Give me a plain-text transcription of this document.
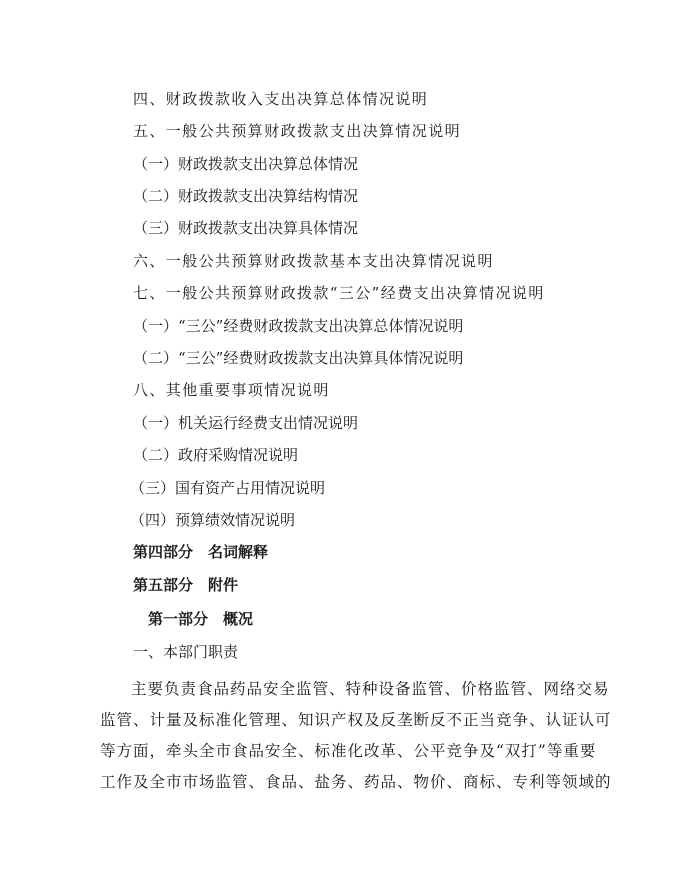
四、财政拨款收入支出决算总体情况说明
五、一般公共预算财政拨款支出决算情况说明
（一）财政拨款支出决算总体情况
（二）财政拨款支出决算结构情况
（三）财政拨款支出决算具体情况
六、一般公共预算财政拨款基本支出决算情况说明
七、一般公共预算财政拨款“三公”经费支出决算情况说明
（一）“三公”经费财政拨款支出决算总体情况说明
（二）“三公”经费财政拨款支出决算具体情况说明
八、其他重要事项情况说明
（一）机关运行经费支出情况说明
（二）政府采购情况说明
（三）国有资产占用情况说明
（四）预算绩效情况说明
第四部分　名词解释
第五部分　附件
第一部分　概况
一、本部门职责
主要负责食品药品安全监管、特种设备监管、价格监管、网络交易
监管、计量及标准化管理、知识产权及反垄断反不正当竞争、认证认可
等方面，牵头全市食品安全、标准化改革、公平竞争及“双打”等重要
工作及全市市场监管、食品、盐务、药品、物价、商标、专利等领域的
